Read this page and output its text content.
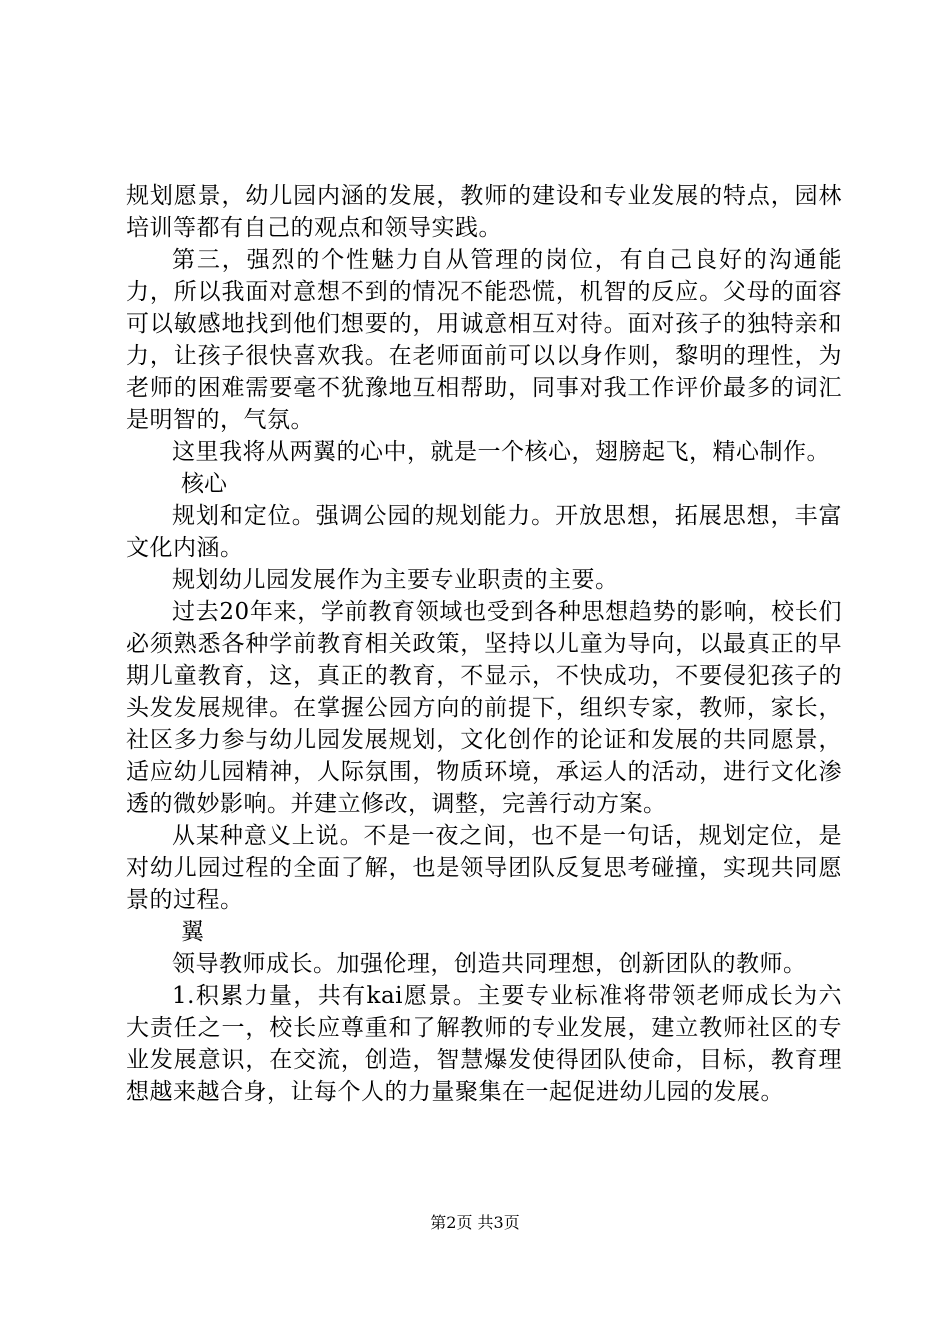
规划愿景，幼儿园内涵的发展，教师的建设和专业发展的特点，园林培训等都有自己的观点和领导实践。

第三，强烈的个性魅力自从管理的岗位，有自己良好的沟通能力，所以我面对意想不到的情况不能恐慌，机智的反应。父母的面容可以敏感地找到他们想要的，用诚意相互对待。面对孩子的独特亲和力，让孩子很快喜欢我。在老师面前可以以身作则，黎明的理性，为老师的困难需要毫不犹豫地互相帮助，同事对我工作评价最多的词汇是明智的，气氛。

这里我将从两翼的心中，就是一个核心，翅膀起飞，精心制作。

核心

规划和定位。强调公园的规划能力。开放思想，拓展思想，丰富文化内涵。

规划幼儿园发展作为主要专业职责的主要。

过去20年来，学前教育领域也受到各种思想趋势的影响，校长们必须熟悉各种学前教育相关政策，坚持以儿童为导向，以最真正的早期儿童教育，这，真正的教育，不显示，不快成功，不要侵犯孩子的头发发展规律。在掌握公园方向的前提下，组织专家，教师，家长，社区多力参与幼儿园发展规划，文化创作的论证和发展的共同愿景，适应幼儿园精神，人际氛围，物质环境，承运人的活动，进行文化渗透的微妙影响。并建立修改，调整，完善行动方案。

从某种意义上说。不是一夜之间，也不是一句话，规划定位，是对幼儿园过程的全面了解，也是领导团队反复思考碰撞，实现共同愿景的过程。

翼

领导教师成长。加强伦理，创造共同理想，创新团队的教师。

1.积累力量，共有kai愿景。主要专业标准将带领老师成长为六大责任之一，校长应尊重和了解教师的专业发展，建立教师社区的专业发展意识，在交流，创造，智慧爆发使得团队使命，目标，教育理想越来越合身，让每个人的力量聚集在一起促进幼儿园的发展。

第2页 共3页
